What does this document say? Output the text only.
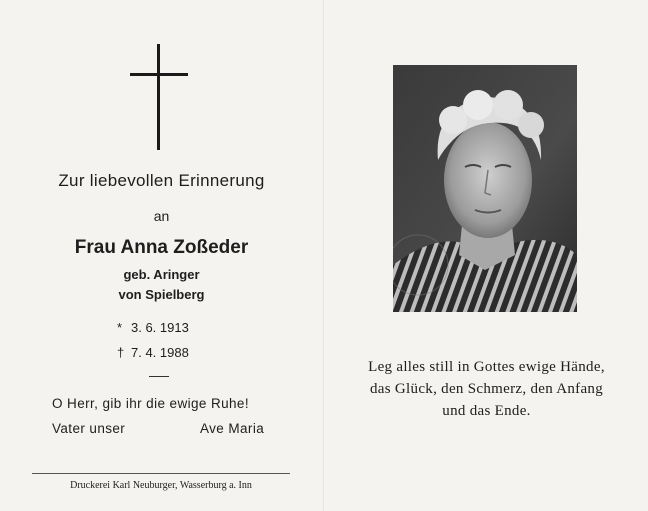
Zur liebevollen Erinnerung
an
Frau Anna Zoßeder
geb. Aringer
von Spielberg
* 3. 6. 1913
† 7. 4. 1988
O Herr, gib ihr die ewige Ruhe!
Vater unser	Ave Maria
Druckerei Karl Neuburger, Wasserburg a. Inn
Leg alles still in Gottes ewige Hände,
das Glück, den Schmerz, den Anfang
und das Ende.
